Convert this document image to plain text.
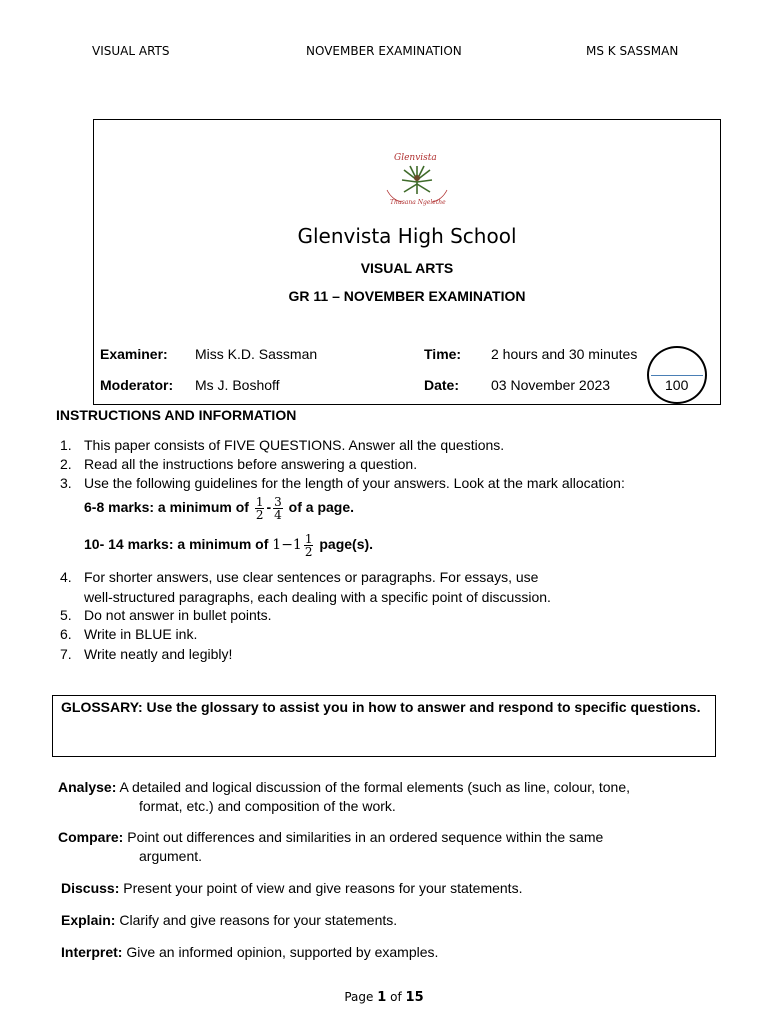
VISUAL ARTS	NOVEMBER EXAMINATION	MS K SASSMAN
Glenvista
Thusana Ngelethe
Glenvista High School
VISUAL ARTS
GR 11 – NOVEMBER EXAMINATION
Examiner: Miss K.D. Sassman	Time: 2 hours and 30 minutes
Moderator: Ms J. Boshoff	Date: 03 November 2023	100
INSTRUCTIONS AND INFORMATION
1. This paper consists of FIVE QUESTIONS. Answer all the questions.
2. Read all the instructions before answering a question.
3. Use the following guidelines for the length of your answers. Look at the mark allocation:
6-8 marks: a minimum of $\frac{1}{2} - \frac{3}{4}$ of a page.
10- 14 marks: a minimum of $1-1 \frac{1}{2}$ page(s).
4. For shorter answers, use clear sentences or paragraphs. For essays, use
well-structured paragraphs, each dealing with a specific point of discussion.
5. Do not answer in bullet points.
6. Write in BLUE ink.
7. Write neatly and legibly!
GLOSSARY: Use the glossary to assist you in how to answer and respond to specific questions.
Analyse: A detailed and logical discussion of the formal elements (such as line, colour, tone,
format, etc.) and composition of the work.
Compare: Point out differences and similarities in an ordered sequence within the same
argument.
Discuss: Present your point of view and give reasons for your statements.
Explain: Clarify and give reasons for your statements.
Interpret: Give an informed opinion, supported by examples.
Page 1 of 15
